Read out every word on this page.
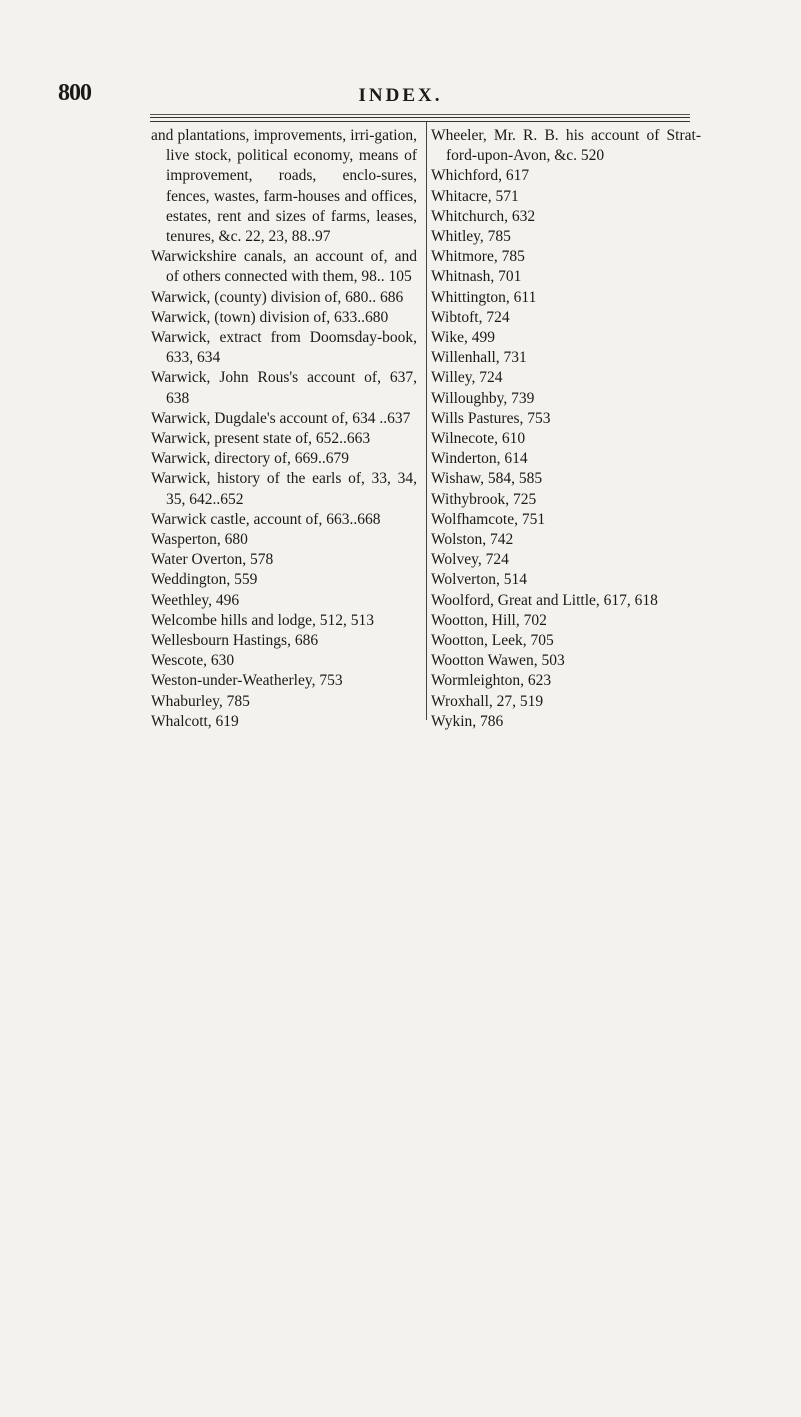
800	INDEX.
and plantations, improvements, irri-gation, live stock, political economy, means of improvement, roads, enclo-sures, fences, wastes, farm-houses and offices, estates, rent and sizes of farms, leases, tenures, &c. 22, 23, 88..97
Warwickshire canals, an account of, and of others connected with them, 98.. 105
Warwick, (county) division of, 680.. 686
Warwick, (town) division of, 633..680
Warwick, extract from Doomsday-book, 633, 634
Warwick, John Rous's account of, 637, 638
Warwick, Dugdale's account of, 634 ..637
Warwick, present state of, 652..663
Warwick, directory of, 669..679
Warwick, history of the earls of, 33, 34, 35, 642..652
Warwick castle, account of, 663..668
Wasperton, 680
Water Overton, 578
Weddington, 559
Weethley, 496
Welcombe hills and lodge, 512, 513
Wellesbourn Hastings, 686
Wescote, 630
Weston-under-Weatherley, 753
Whaburley, 785
Whalcott, 619
Wheeler, Mr. R. B. his account of Strat-ford-upon-Avon, &c. 520
Whichford, 617
Whitacre, 571
Whitchurch, 632
Whitley, 785
Whitmore, 785
Whitnash, 701
Whittington, 611
Wibtoft, 724
Wike, 499
Willenhall, 731
Willey, 724
Willoughby, 739
Wills Pastures, 753
Wilnecote, 610
Winderton, 614
Wishaw, 584, 585
Withybrook, 725
Wolfhamcote, 751
Wolston, 742
Wolvey, 724
Wolverton, 514
Woolford, Great and Little, 617, 618
Wootton, Hill, 702
Wootton, Leek, 705
Wootton Wawen, 503
Wormleighton, 623
Wroxhall, 27, 519
Wykin, 786
